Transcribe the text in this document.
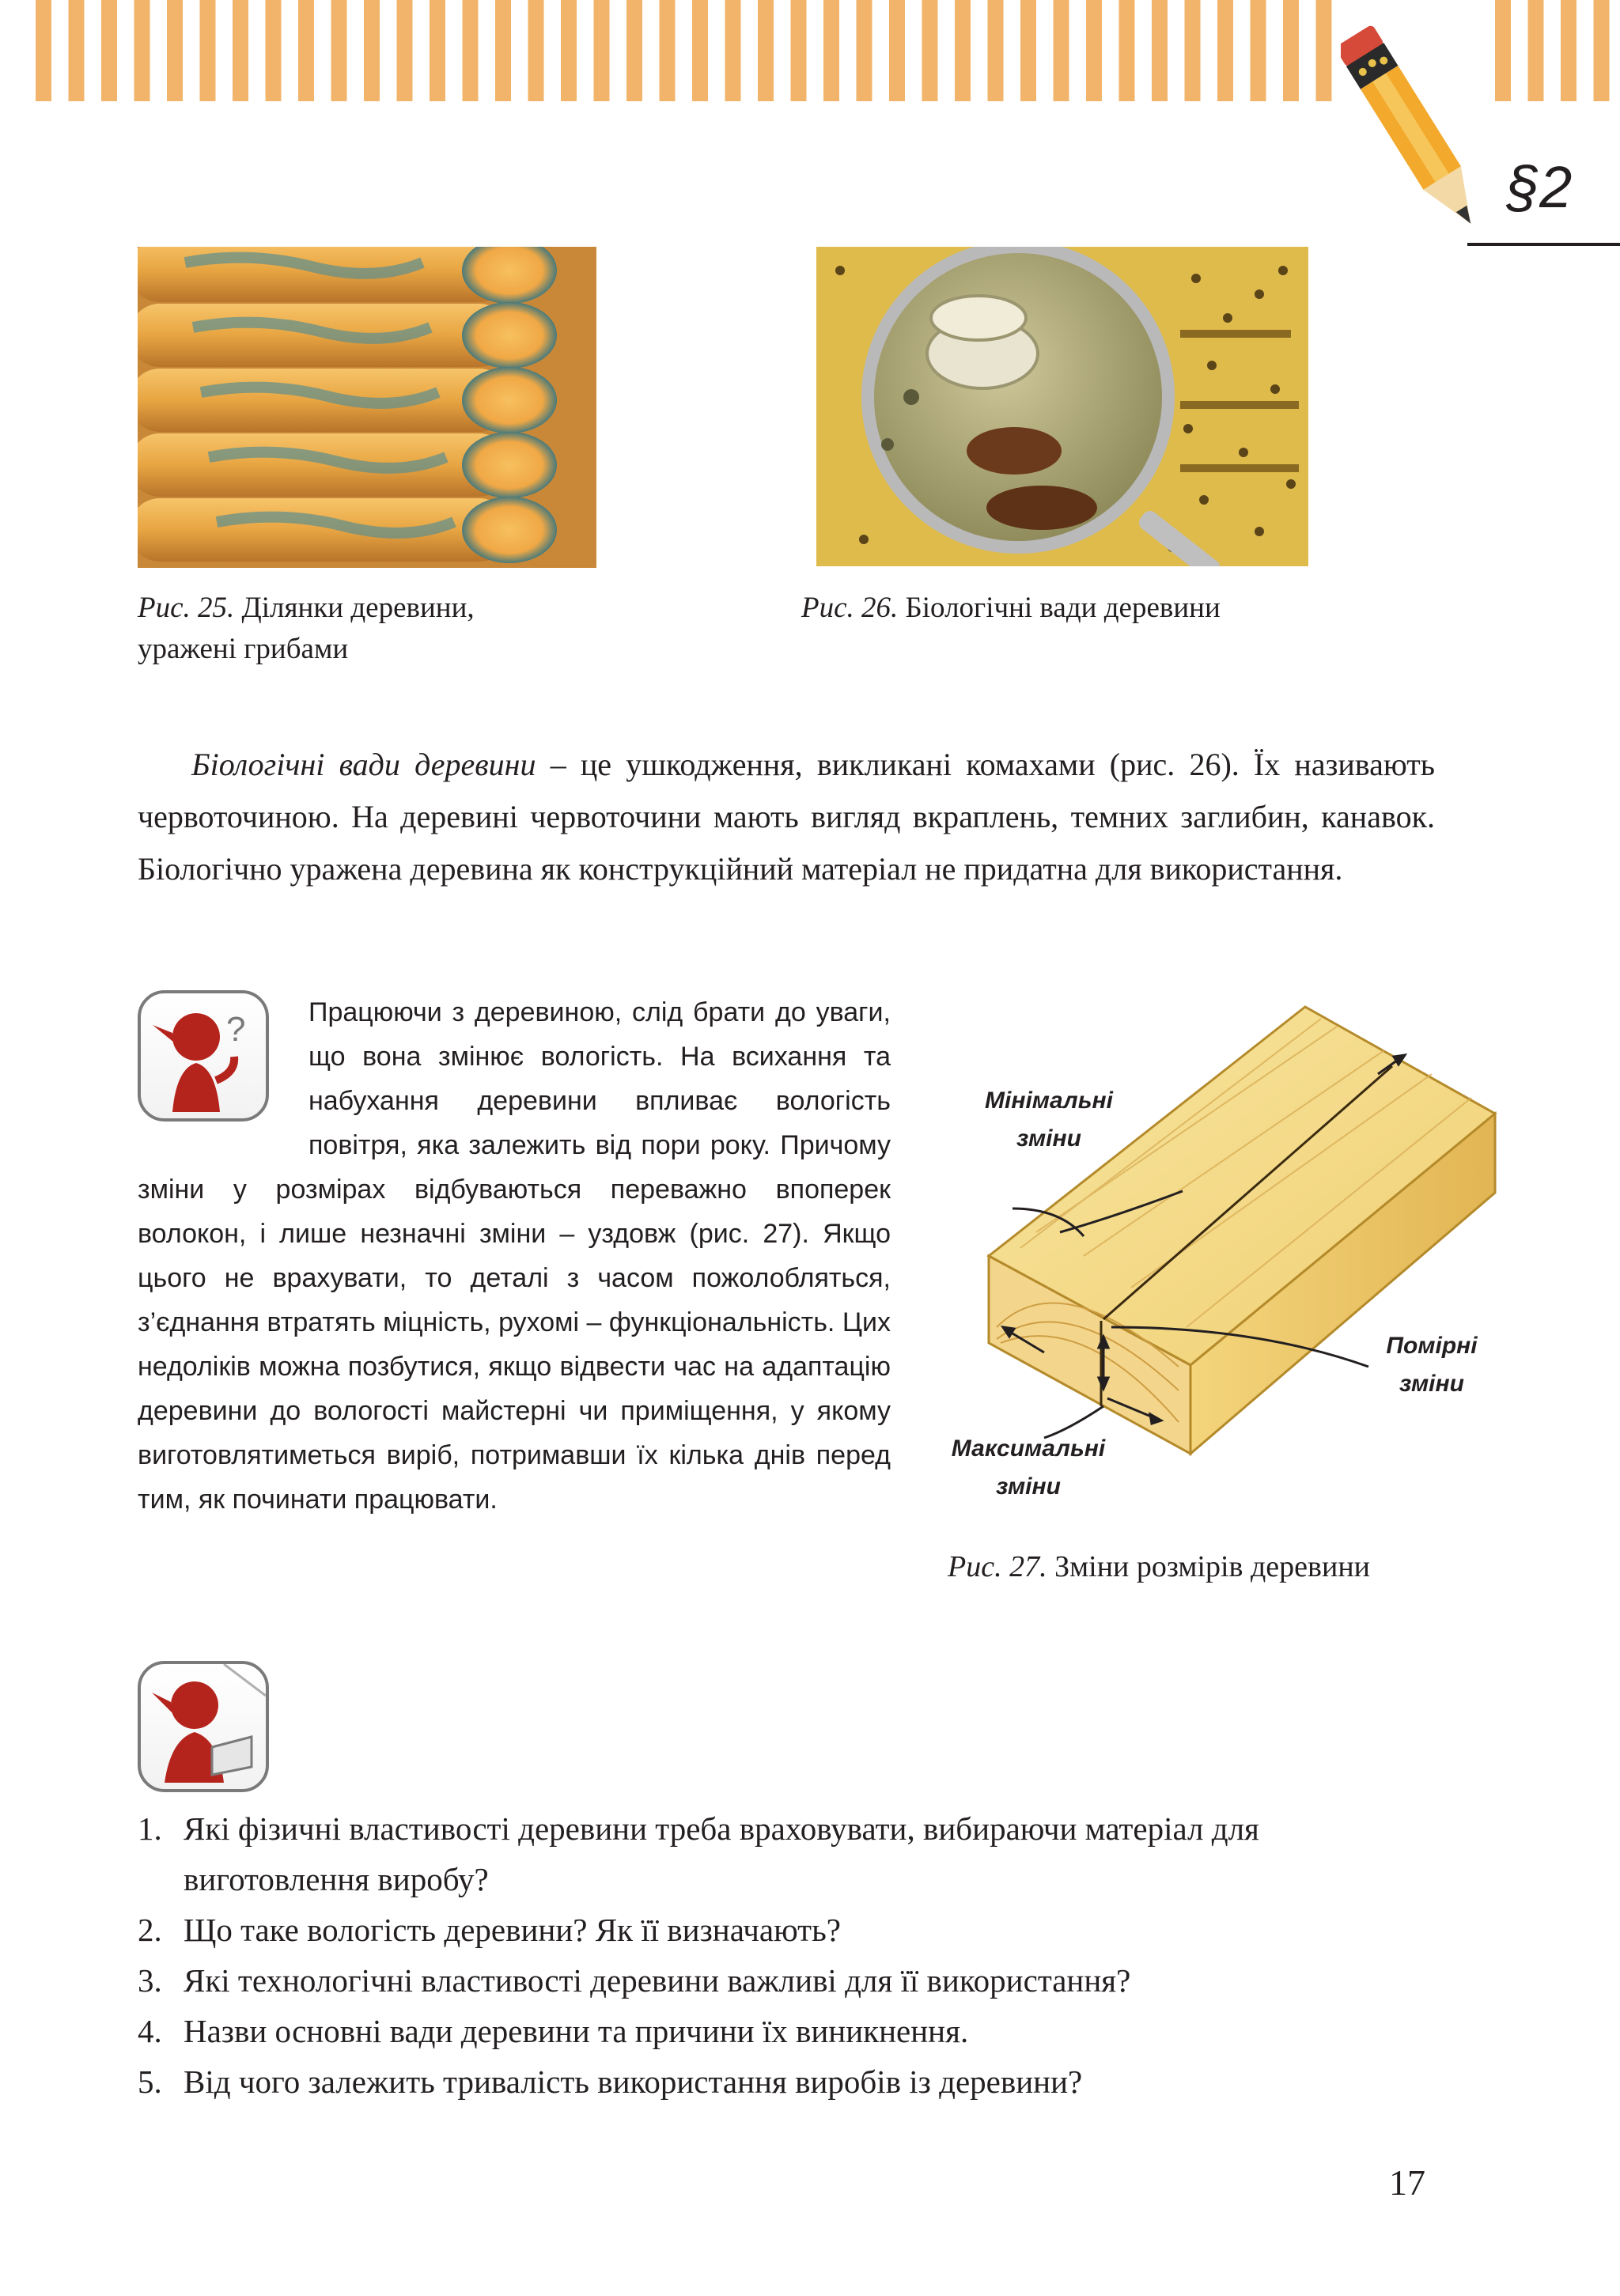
§2
Рис. 25. Ділянки деревини,
уражені грибами
Рис. 26. Біологічні вади деревини

Біологічні вади деревини – це ушкодження, викликані комахами (рис. 26). Їх називають червоточиною. На деревині червоточини мають вигляд вкраплень, темних заглибин, канавок. Біологічно уражена деревина як конструкційний матеріал не придатна для використання.

?	Працюючи з деревиною, слід брати до уваги, що вона змінює вологість. На всихання та набухання деревини впливає вологість повітря, яка залежить від пори року. Причому зміни у розмірах відбуваються переважно впоперек волокон, і лише незначні зміни – уздовж (рис. 27). Якщо цього не врахувати, то деталі з часом пожолобляться, з’єднання втратять міцність, рухомі – функціональність. Цих недоліків можна позбутися, якщо відвести час на адаптацію деревини до вологості майстерні чи приміщення, у якому виготовлятиметься виріб, потримавши їх кілька днів перед тим, як починати працювати.
Мінімальні
зміни
Помірні
зміни
Максимальні
зміни
Рис. 27. Зміни розмірів деревини
1. Які фізичні властивості деревини треба враховувати, вибираючи матеріал для виготовлення виробу?
2. Що таке вологість деревини? Як її визначають?
3. Які технологічні властивості деревини важливі для її використання?
4. Назви основні вади деревини та причини їх виникнення.
5. Від чого залежить тривалість використання виробів із деревини?
17
